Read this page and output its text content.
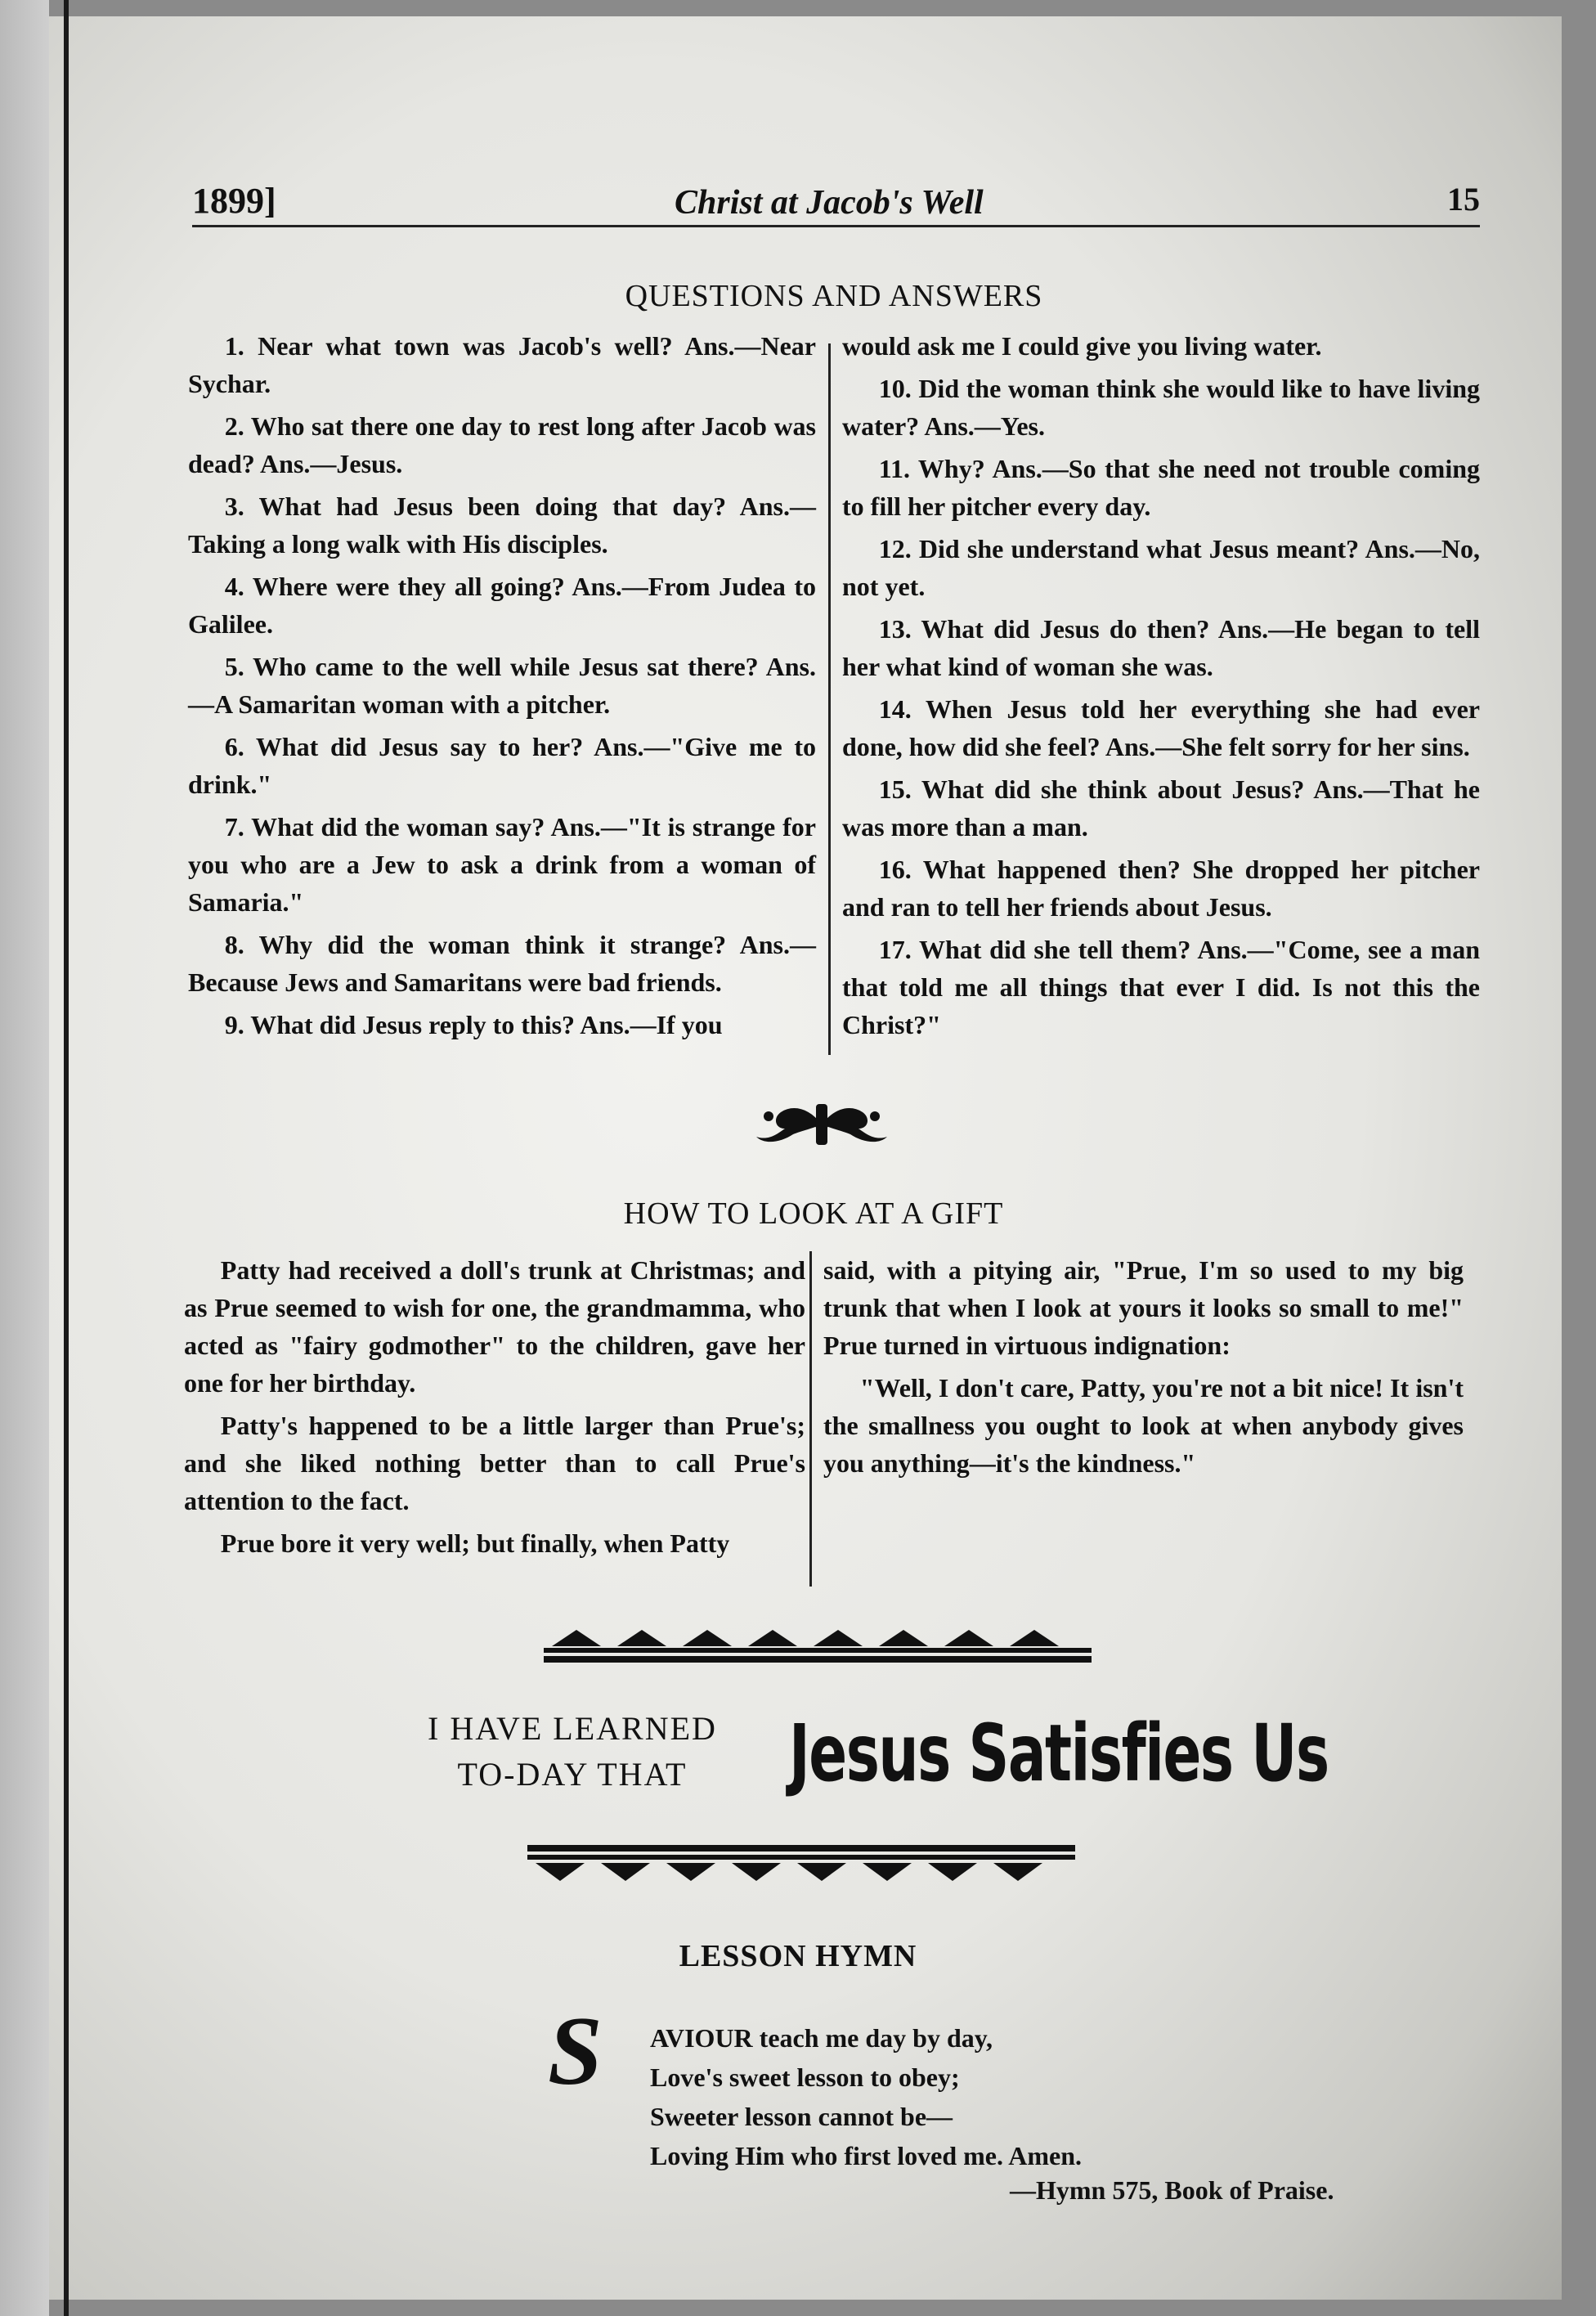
1899]	Christ at Jacob's Well	15
QUESTIONS AND ANSWERS

1. Near what town was Jacob's well? Ans.—Near Sychar.

2. Who sat there one day to rest long after Jacob was dead? Ans.—Jesus.

3. What had Jesus been doing that day? Ans.—Taking a long walk with His disciples.

4. Where were they all going? Ans.—From Judea to Galilee.

5. Who came to the well while Jesus sat there? Ans.—A Samaritan woman with a pitcher.

6. What did Jesus say to her? Ans.—"Give me to drink."

7. What did the woman say? Ans.—"It is strange for you who are a Jew to ask a drink from a woman of Samaria."

8. Why did the woman think it strange? Ans.—Because Jews and Samaritans were bad friends.

9. What did Jesus reply to this? Ans.—If you

would ask me I could give you living water.

10. Did the woman think she would like to have living water? Ans.—Yes.

11. Why? Ans.—So that she need not trouble coming to fill her pitcher every day.

12. Did she understand what Jesus meant? Ans.—No, not yet.

13. What did Jesus do then? Ans.—He began to tell her what kind of woman she was.

14. When Jesus told her everything she had ever done, how did she feel? Ans.—She felt sorry for her sins.

15. What did she think about Jesus? Ans.—That he was more than a man.

16. What happened then? She dropped her pitcher and ran to tell her friends about Jesus.

17. What did she tell them? Ans.—"Come, see a man that told me all things that ever I did. Is not this the Christ?"

HOW TO LOOK AT A GIFT

Patty had received a doll's trunk at Christmas; and as Prue seemed to wish for one, the grandmamma, who acted as "fairy godmother" to the children, gave her one for her birthday.

Patty's happened to be a little larger than Prue's; and she liked nothing better than to call Prue's attention to the fact.

Prue bore it very well; but finally, when Patty

said, with a pitying air, "Prue, I'm so used to my big trunk that when I look at yours it looks so small to me!" Prue turned in virtuous indignation:

"Well, I don't care, Patty, you're not a bit nice! It isn't the smallness you ought to look at when anybody gives you anything—it's the kindness."

I HAVE LEARNED
TO-DAY THAT	Jesus Satisfies Us
LESSON HYMN
S AVIOUR teach me day by day,
Love's sweet lesson to obey;
Sweeter lesson cannot be—
Loving Him who first loved me. Amen.
—Hymn 575, Book of Praise.
